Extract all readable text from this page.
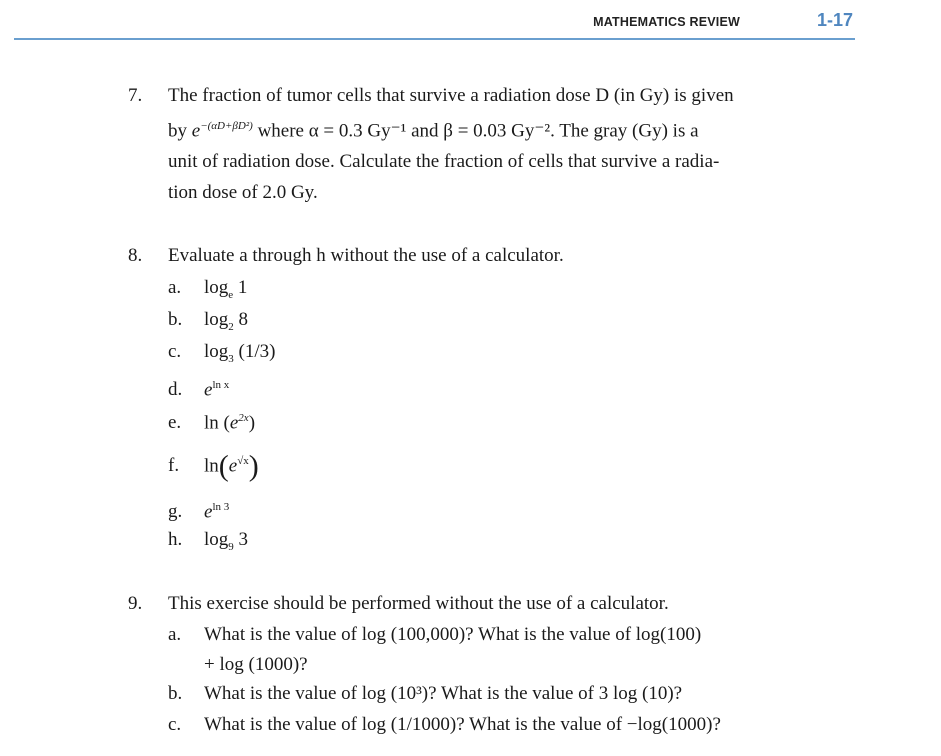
MATHEMATICS REVIEW	1-17
7. The fraction of tumor cells that survive a radiation dose D (in Gy) is given
by $e^{-(\alpha D+\beta D^2)}$ where α = 0.3 Gy⁻¹ and β = 0.03 Gy⁻². The gray (Gy) is a
unit of radiation dose. Calculate the fraction of cells that survive a radia-
tion dose of 2.0 Gy.
8. Evaluate a through h without the use of a calculator.
a. $\log_e 1$
b. $\log_2 8$
c. $\log_3 (1/3)$
d. $e^{ln x}$
e. $\ln (e^{2x})$
f. $\ln(e^{√x})$
g. $e^{ln 3}$
h. $\log_9 3$
9. This exercise should be performed without the use of a calculator.
a. What is the value of log (100,000)? What is the value of log(100)
+ log (1000)?
b. What is the value of log (10³)? What is the value of 3 log (10)?
c. What is the value of log (1/1000)? What is the value of −log(1000)?
